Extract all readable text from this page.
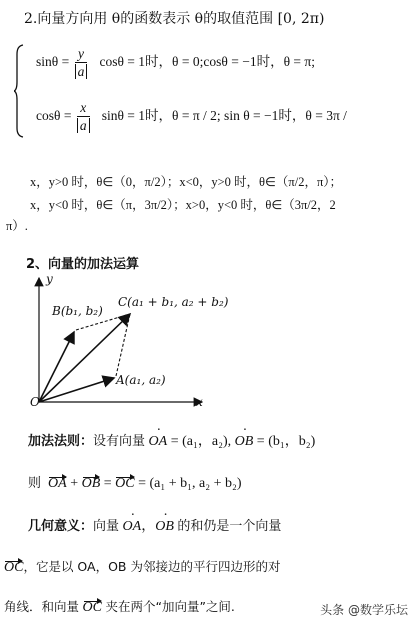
2.向量方向用 θ的函数表示 θ的取值范围 [0, 2π)
$\sin\theta = \frac{y}{a}$ cosθ = 1时，θ = 0;cosθ = −1时，θ = π;
$\cos\theta = \frac{x}{a}$ sinθ = 1时，θ = π / 2; sin θ = −1时，θ = 3π /
x，y>0 时，θ∈（0，π/2）；x<0，y>0 时，θ∈（π/2，π）；
x，y<0 时，θ∈（π，3π/2）；x>0，y<0 时，θ∈（3π/2，2
π）.
2、向量的加法运算
y
x
O
B(b₁, b₂)
C(a₁ + b₁, a₂ + b₂)
A(a₁, a₂)
加法法则：设有向量 OA · = (a₁，a₂), OB · = (b₁，b₂)
则 OA + OB = OC = (a₁ + b₁, a₂ + b₂)
几何意义：向量 OA ·，OB · 的和仍是一个向量
OC，它是以 OA，OB 为邻接边的平行四边形的对
角线．和向量 OC 夹在两个“加向量”之间.	头条 @数学乐坛
